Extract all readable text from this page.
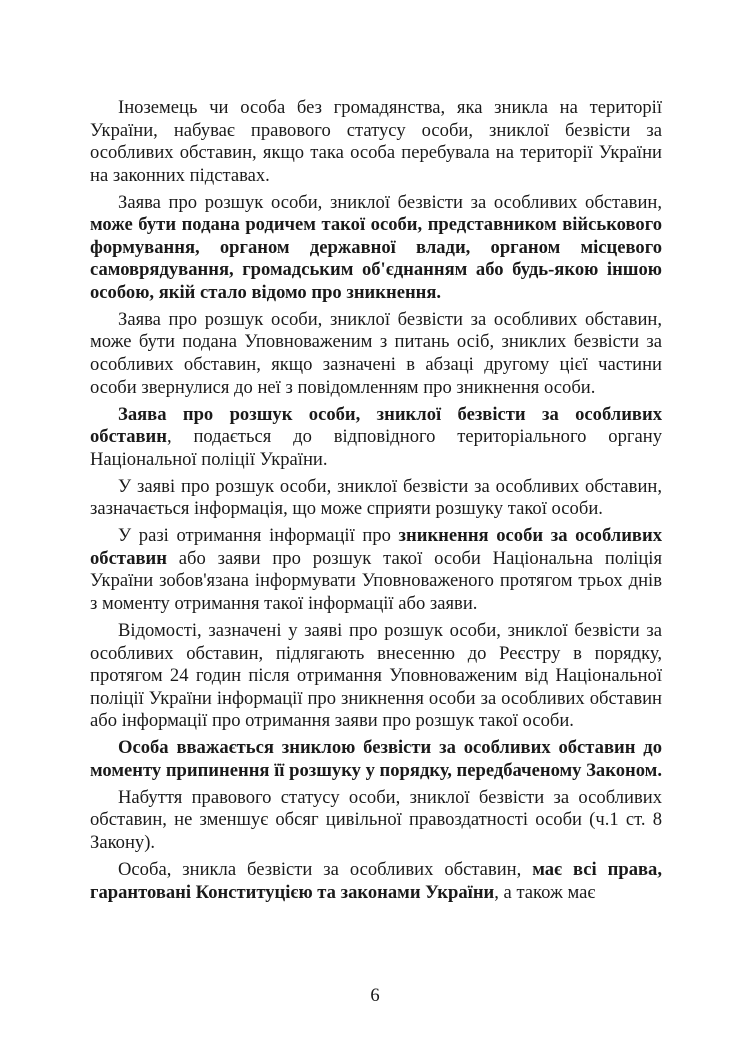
Іноземець чи особа без громадянства, яка зникла на території України, набуває правового статусу особи, зниклої безвісти за особливих обставин, якщо така особа перебувала на території України на законних підставах.

Заява про розшук особи, зниклої безвісти за особливих обставин, може бути подана родичем такої особи, представником військового формування, органом державної влади, органом місцевого самоврядування, громадським об'єднанням або будь-якою іншою особою, якій стало відомо про зникнення.

Заява про розшук особи, зниклої безвісти за особливих обставин, може бути подана Уповноваженим з питань осіб, зниклих безвісти за особливих обставин, якщо зазначені в абзаці другому цієї частини особи звернулися до неї з повідомленням про зникнення особи.

Заява про розшук особи, зниклої безвісти за особливих обставин, подається до відповідного територіального органу Національної поліції України.

У заяві про розшук особи, зниклої безвісти за особливих обставин, зазначається інформація, що може сприяти розшуку такої особи.

У разі отримання інформації про зникнення особи за особливих обставин або заяви про розшук такої особи Національна поліція України зобов'язана інформувати Уповноваженого протягом трьох днів з моменту отримання такої інформації або заяви.

Відомості, зазначені у заяві про розшук особи, зниклої безвісти за особливих обставин, підлягають внесенню до Реєстру в порядку, протягом 24 годин після отримання Уповноваженим від Національної поліції України інформації про зникнення особи за особливих обставин або інформації про отримання заяви про розшук такої особи.

Особа вважається зниклою безвісти за особливих обставин до моменту припинення її розшуку у порядку, передбаченому Законом.

Набуття правового статусу особи, зниклої безвісти за особливих обставин, не зменшує обсяг цивільної правоздатності особи (ч.1 ст. 8 Закону).

Особа, зникла безвісти за особливих обставин, має всі права, гарантовані Конституцією та законами України, а також має

6
